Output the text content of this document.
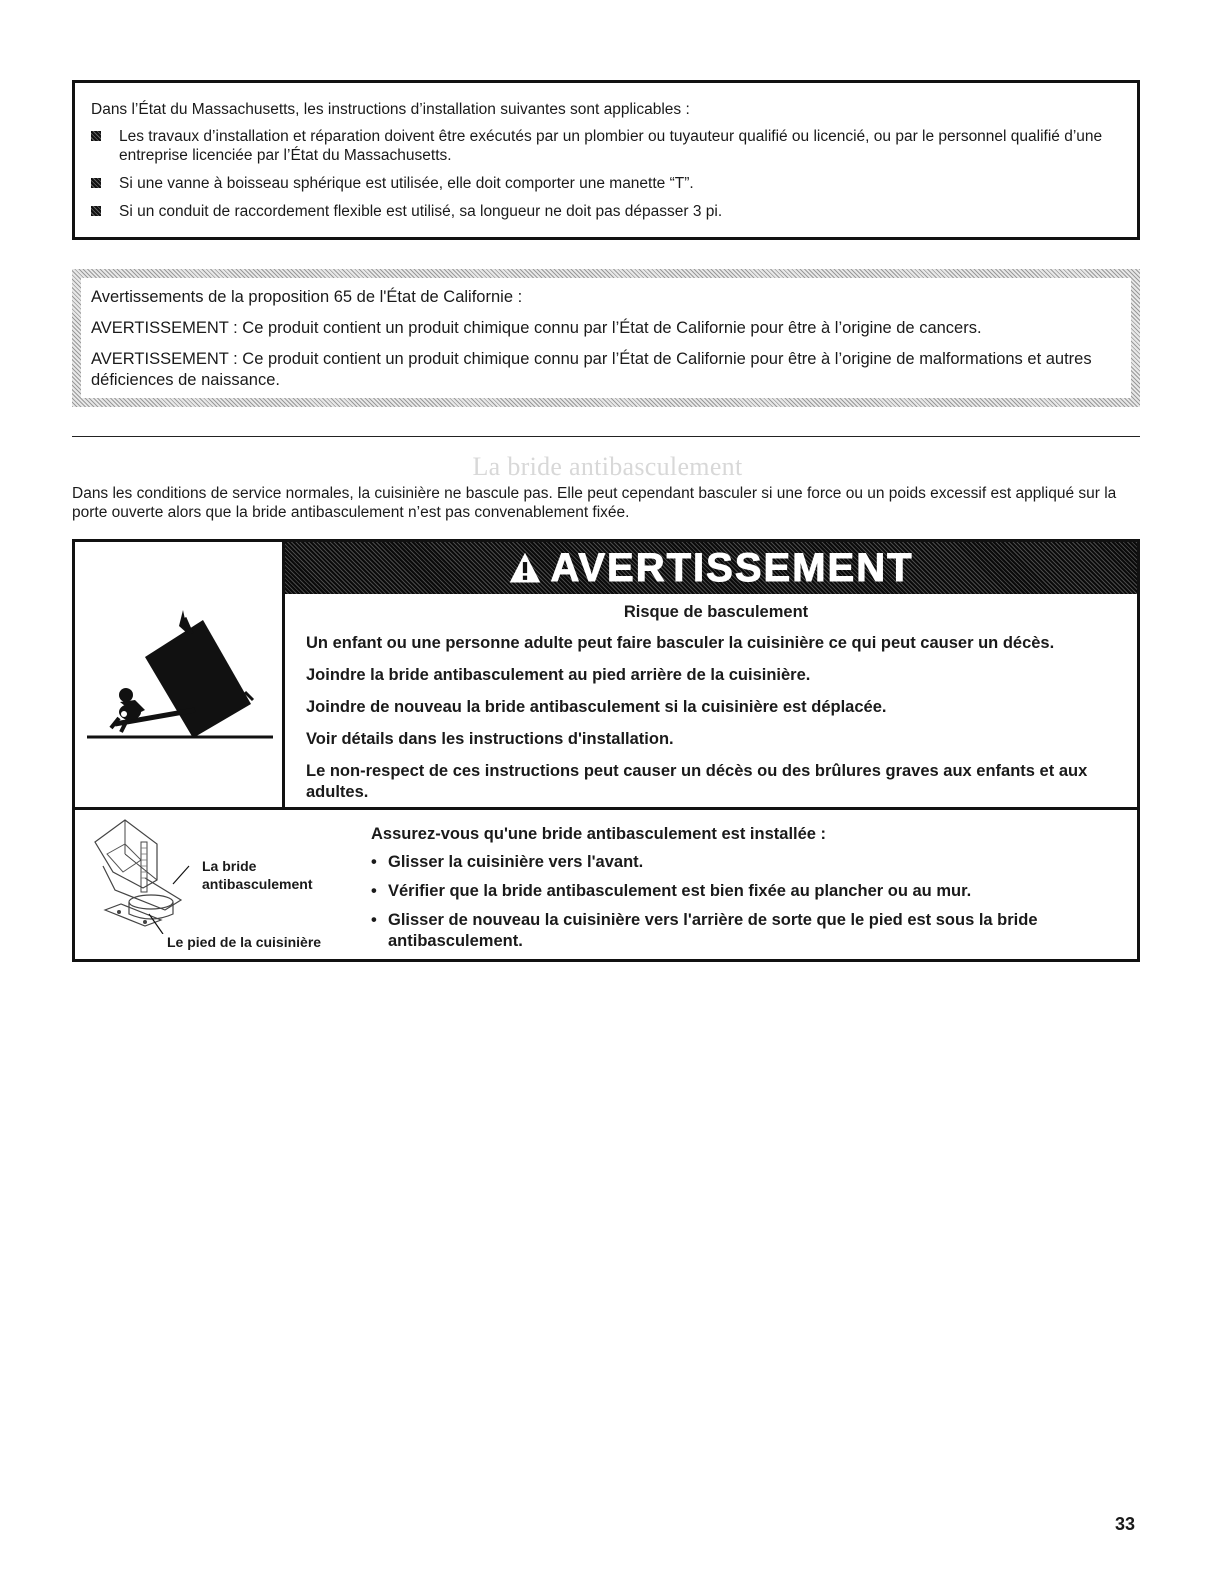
Dans l’État du Massachusetts, les instructions d’installation suivantes sont applicables :

Les travaux d’installation et réparation doivent être exécutés par un plombier ou tuyauteur qualifié ou licencié, ou par le personnel qualifié d’une entreprise licenciée par l’État du Massachusetts.
Si une vanne à boisseau sphérique est utilisée, elle doit comporter une manette “T”.
Si un conduit de raccordement flexible est utilisé, sa longueur ne doit pas dépasser 3 pi.

Avertissements de la proposition 65 de l'État de Californie :

AVERTISSEMENT : Ce produit contient un produit chimique connu par l’État de Californie pour être à l’origine de cancers.

AVERTISSEMENT : Ce produit contient un produit chimique connu par l’État de Californie pour être à l’origine de malformations et autres déficiences de naissance.

La bride antibasculement
Dans les conditions de service normales, la cuisinière ne bascule pas. Elle peut cependant basculer si une force ou un poids excessif est appliqué sur la porte ouverte alors que la bride antibasculement n’est pas convenablement fixée.
AVERTISSEMENT

Risque de basculement

Un enfant ou une personne adulte peut faire basculer la cuisinière ce qui peut causer un décès.

Joindre la bride antibasculement au pied arrière de la cuisinière.

Joindre de nouveau la bride antibasculement si la cuisinière est déplacée.

Voir détails dans les instructions d'installation.

Le non-respect de ces instructions peut causer un décès ou des brûlures graves aux enfants et aux adultes.

La bride
antibasculement
Le pied de la cuisinière

Assurez-vous qu'une bride antibasculement est installée :

• Glisser la cuisinière vers l'avant.
• Vérifier que la bride antibasculement est bien fixée au plancher ou au mur.
• Glisser de nouveau la cuisinière vers l'arrière de sorte que le pied est sous la bride antibasculement.
33
